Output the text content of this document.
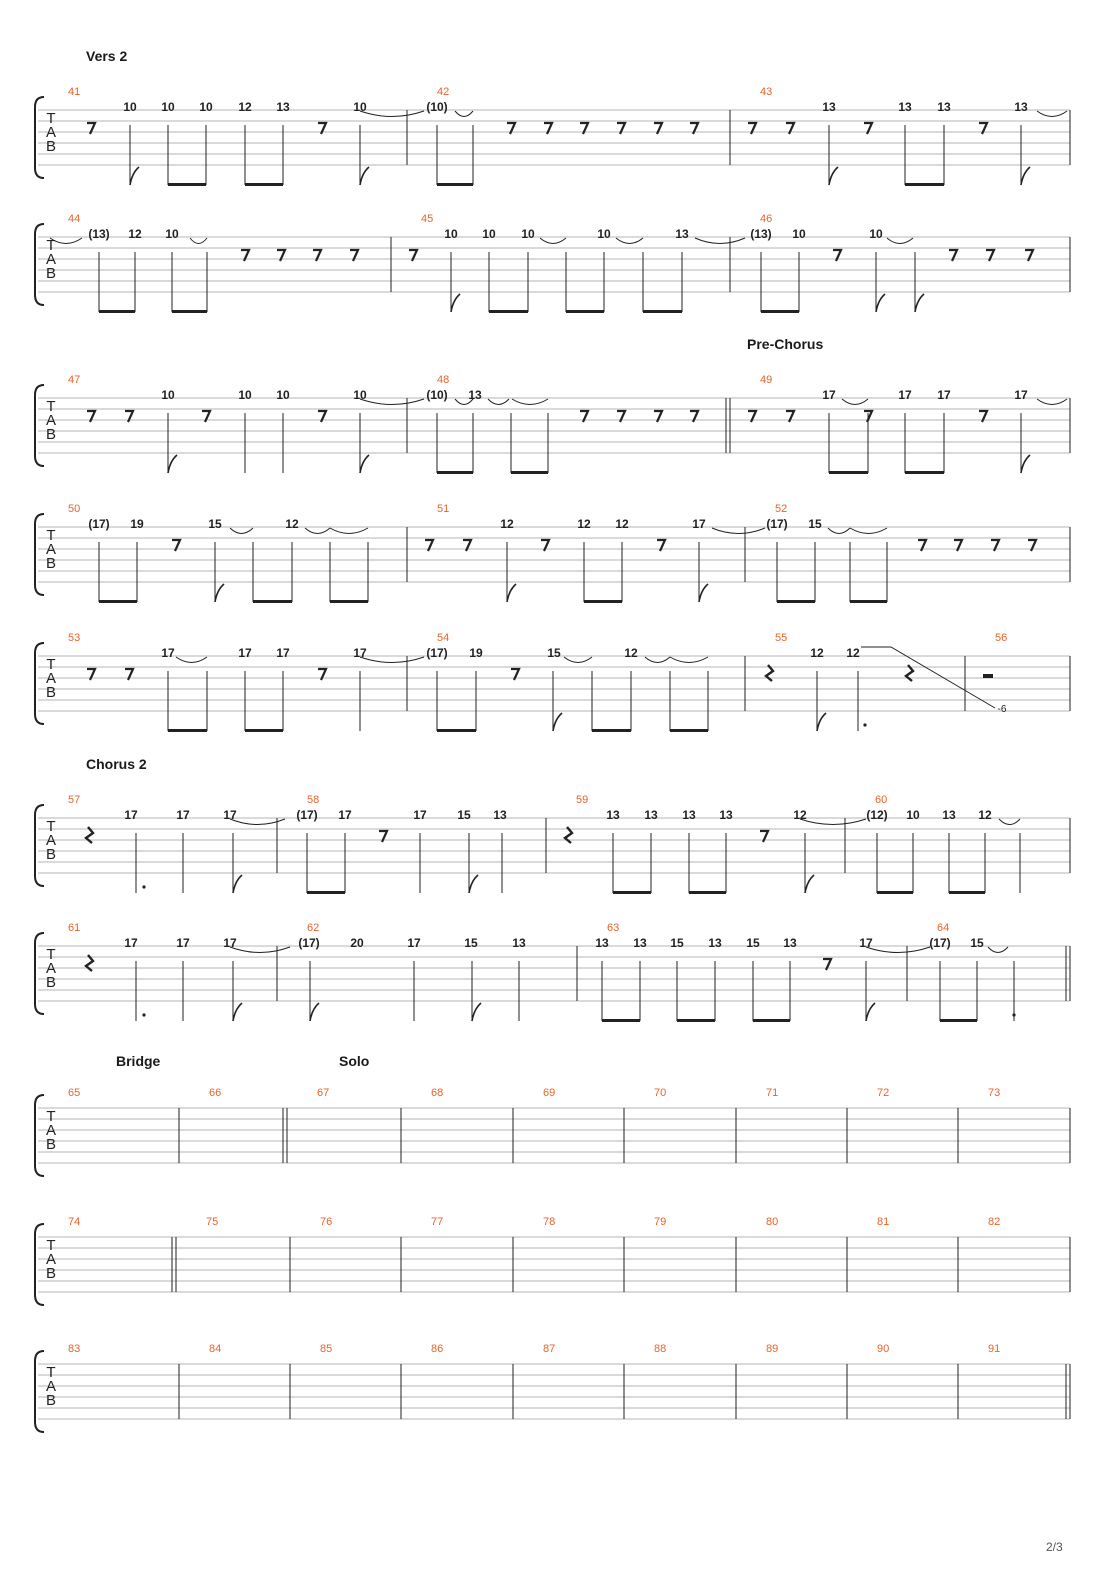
T
A
B
Vers 2
41
10 10 10 12 13	10
42
(10)
43
13	13 13	13
T
A
B
44
(13) 12 10
45
10 10 10	10	13
46
(13) 10	10
T
A
B
Pre-Chorus
47
10	10 10	10
48
(10) 13
49
17	17 17	17
T
A
B
50
(17) 19	15	12
51
12	12 12	17
52
(17) 15
T
A
B
53
17	17 17	17
54
(17) 19	15	12
55
12 12
-6
56
T
A
B
Chorus 2
57
17	17	17
58
(17) 17	17	15 13
59
13 13 13 13	12
60
(12) 10 13 12
T
A
B
61
17	17	17
62
(17)	20	17	15	13
63
13 13 15 13 15 13	17
64
(17) 15
T
A
B
Bridge	Solo
65	66	67	68	69	70	71	72	73
T
A
B
74	75	76	77	78	79	80	81	82
T
A
B
83	84	85	86	87	88	89	90	91
2/3
